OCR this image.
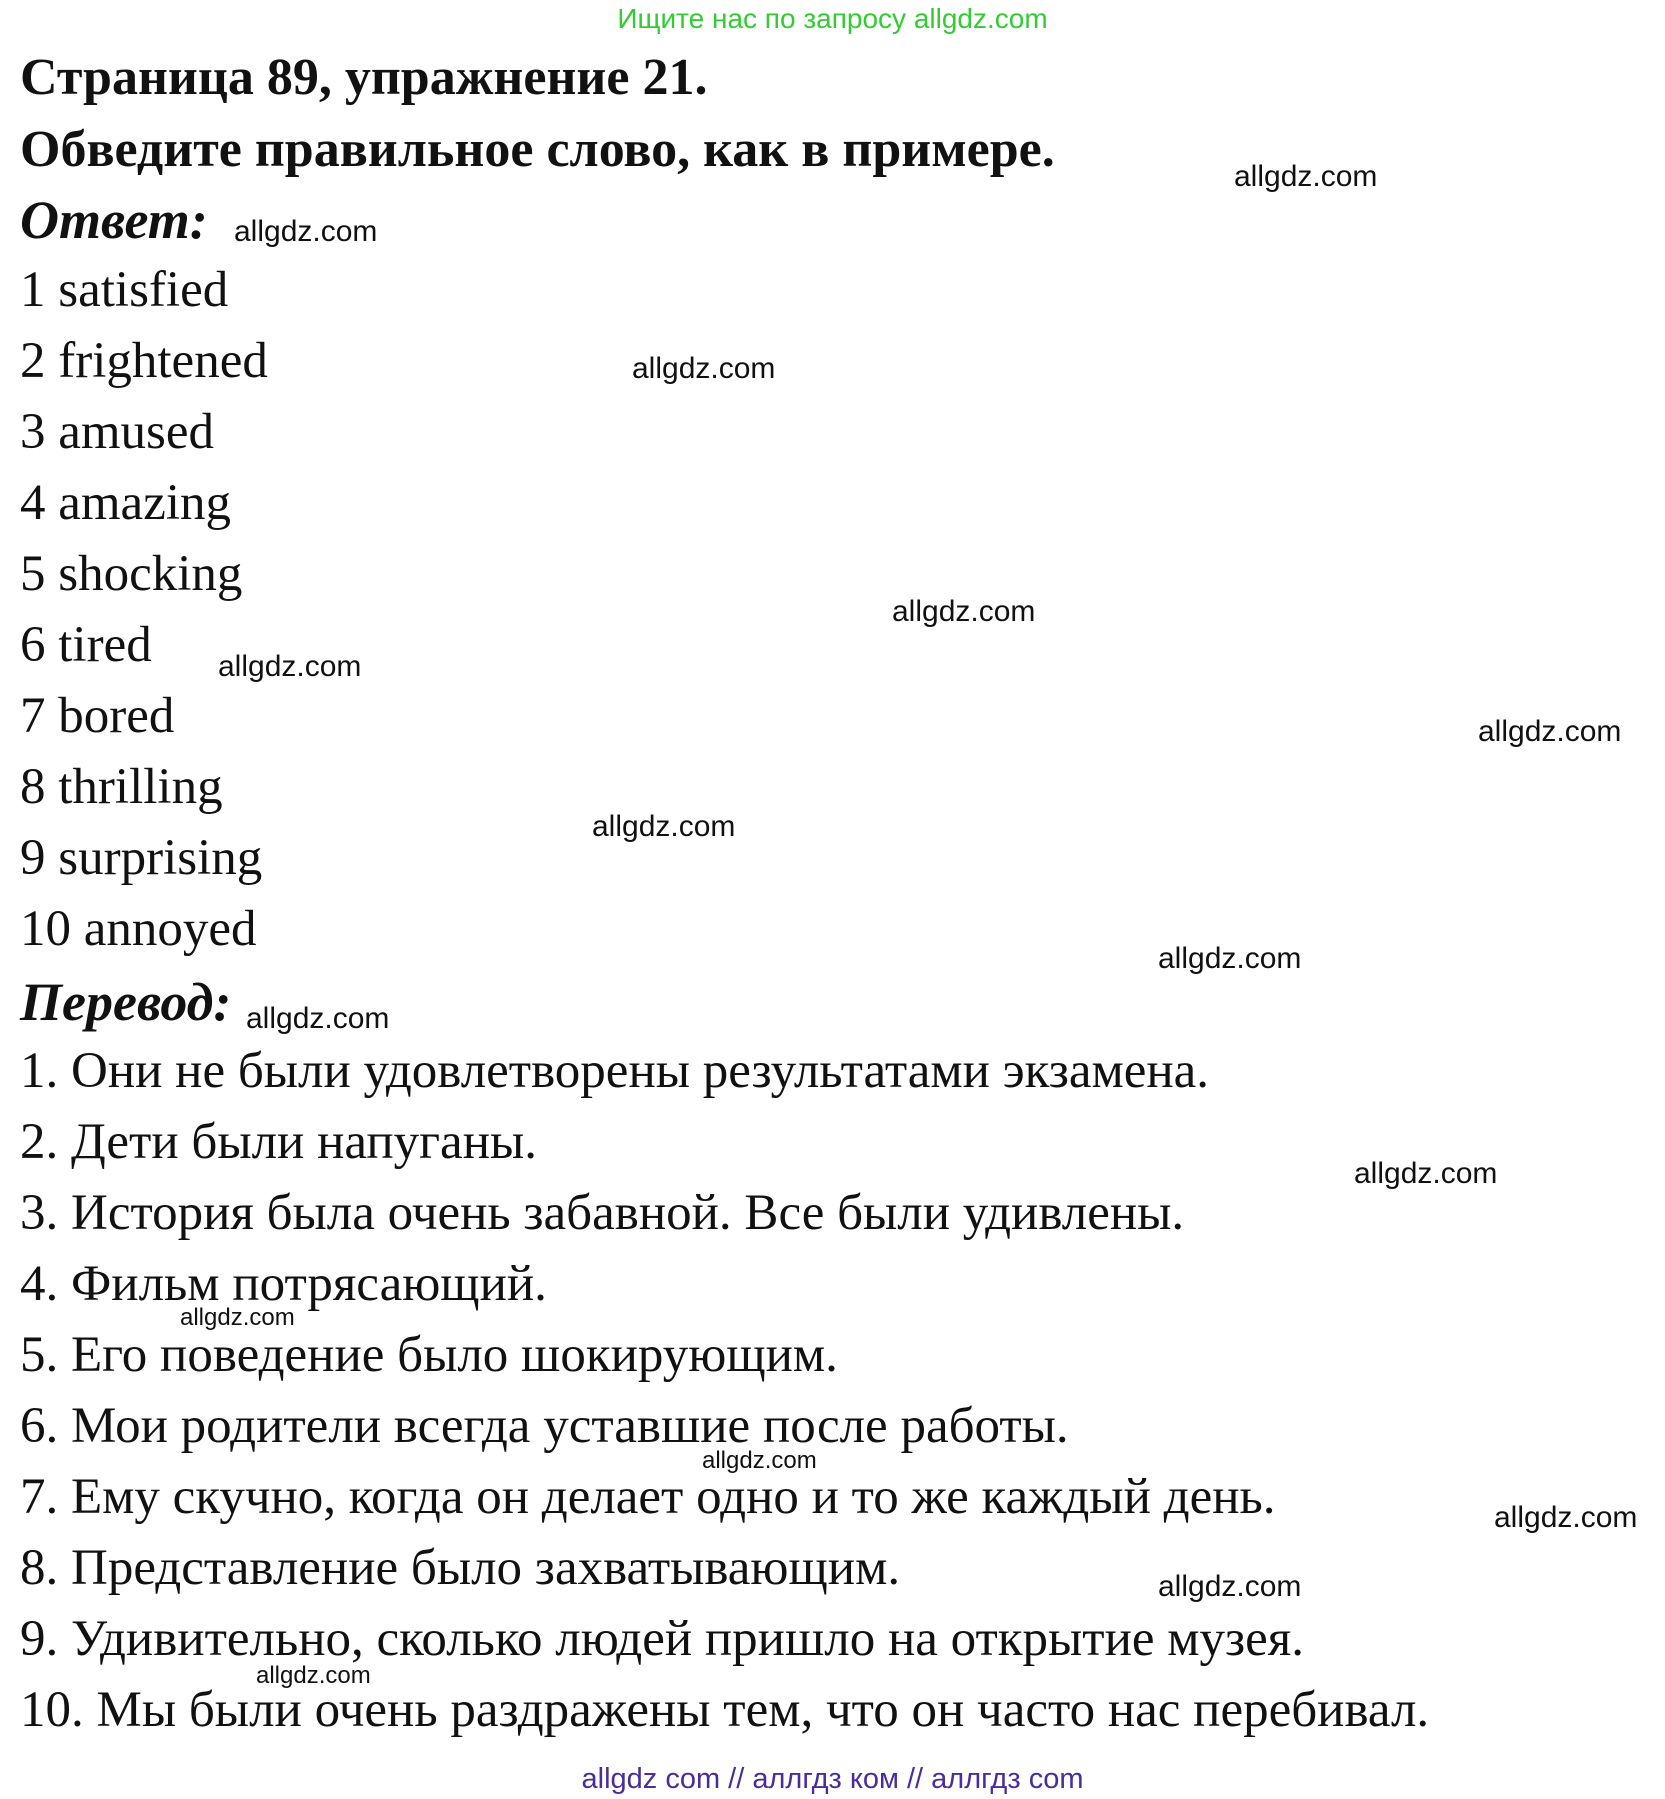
Ищите нас по запросу allgdz.com
Страница 89, упражнение 21.
Обведите правильное слово, как в примере.
Ответ:
1 satisfied
2 frightened
3 amused
4 amazing
5 shocking
6 tired
7 bored
8 thrilling
9 surprising
10 annoyed
Перевод:
1. Они не были удовлетворены результатами экзамена.
2. Дети были напуганы.
3. История была очень забавной. Все были удивлены.
4. Фильм потрясающий.
5. Его поведение было шокирующим.
6. Мои родители всегда уставшие после работы.
7. Ему скучно, когда он делает одно и то же каждый день.
8. Представление было захватывающим.
9. Удивительно, сколько людей пришло на открытие музея.
10. Мы были очень раздражены тем, что он часто нас перебивал.
allgdz.com
allgdz.com
allgdz.com
allgdz.com
allgdz.com
allgdz.com
allgdz.com
allgdz.com
allgdz.com
allgdz.com
allgdz.com
allgdz.com
allgdz.com
allgdz.com
allgdz.com
allgdz com // аллгдз ком // аллгдз com
